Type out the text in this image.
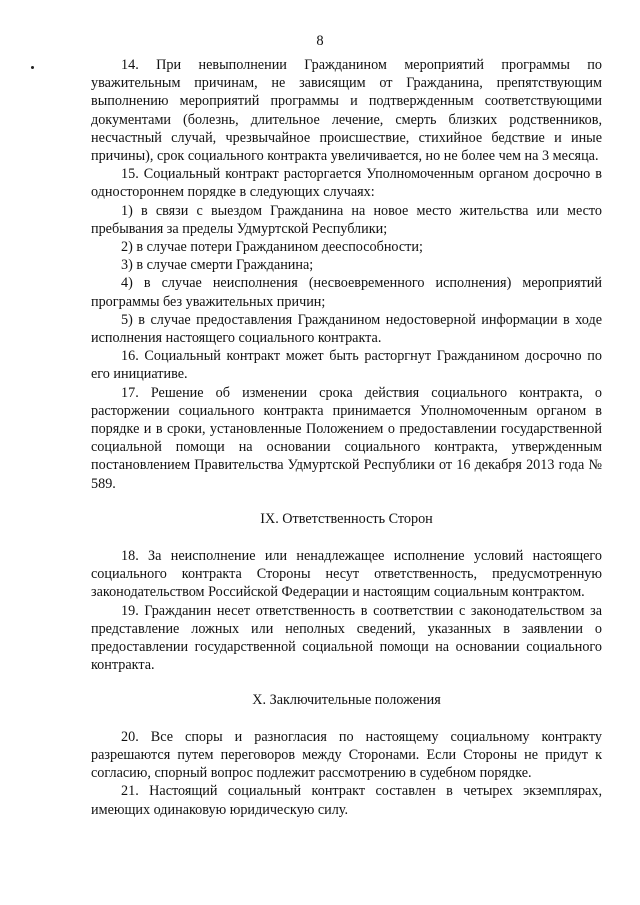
8

14. При невыполнении Гражданином мероприятий программы по уважительным причинам, не зависящим от Гражданина, препятствующим выполнению мероприятий программы и подтвержденным соответствующими документами (болезнь, длительное лечение, смерть близких родственников, несчастный случай, чрезвычайное происшествие, стихийное бедствие и иные причины), срок социального контракта увеличивается, но не более чем на 3 месяца.

15. Социальный контракт расторгается Уполномоченным органом досрочно в одностороннем порядке в следующих случаях:

1) в связи с выездом Гражданина на новое место жительства или место пребывания за пределы Удмуртской Республики;

2) в случае потери Гражданином дееспособности;

3) в случае смерти Гражданина;

4) в случае неисполнения (несвоевременного исполнения) мероприятий программы без уважительных причин;

5) в случае предоставления Гражданином недостоверной информации в ходе исполнения настоящего социального контракта.

16. Социальный контракт может быть расторгнут Гражданином досрочно по его инициативе.

17. Решение об изменении срока действия социального контракта, о расторжении социального контракта принимается Уполномоченным органом в порядке и в сроки, установленные Положением о предоставлении государственной социальной помощи на основании социального контракта, утвержденным постановлением Правительства Удмуртской Республики от 16 декабря 2013 года № 589.

IX. Ответственность Сторон

18. За неисполнение или ненадлежащее исполнение условий настоящего социального контракта Стороны несут ответственность, предусмотренную законодательством Российской Федерации и настоящим социальным контрактом.

19. Гражданин несет ответственность в соответствии с законодательством за представление ложных или неполных сведений, указанных в заявлении о предоставлении государственной социальной помощи на основании социального контракта.

X. Заключительные положения

20. Все споры и разногласия по настоящему социальному контракту разрешаются путем переговоров между Сторонами. Если Стороны не придут к согласию, спорный вопрос подлежит рассмотрению в судебном порядке.

21. Настоящий социальный контракт составлен в четырех экземплярах, имеющих одинаковую юридическую силу.
